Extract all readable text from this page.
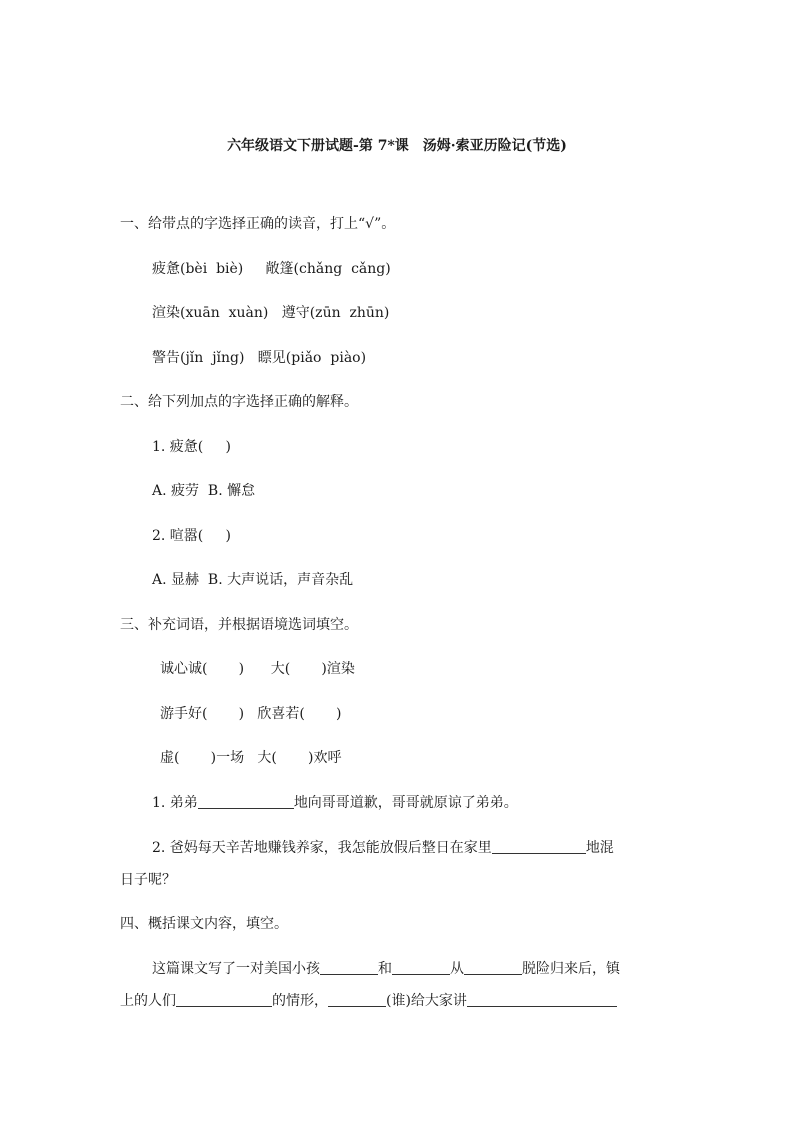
六年级语文下册试题-第 7*课　汤姆·索亚历险记(节选)
一、给带点的字选择正确的读音，打上“√”。
疲惫(bèi  biè)     敞篷(chǎng  cǎng)
渲染(xuān  xuàn)   遵守(zūn  zhūn)
警告(jǐn  jǐng)   瞟见(piǎo  piào)
二、给下列加点的字选择正确的解释。
1. 疲惫(     )
A. 疲劳  B. 懈怠
2. 喧嚣(     )
A. 显赫  B. 大声说话，声音杂乱
三、补充词语，并根据语境选词填空。
诚心诚(       )      大(       )渲染
游手好(       )   欣喜若(       )
虚(       )一场   大(       )欢呼
1. 弟弟	地向哥哥道歉，哥哥就原谅了弟弟。
2. 爸妈每天辛苦地赚钱养家，我怎能放假后整日在家里	地混
日子呢？
四、概括课文内容，填空。
这篇课文写了一对美国小孩	和	从	脱险归来后，镇
上的人们	的情形，	(谁)给大家讲
